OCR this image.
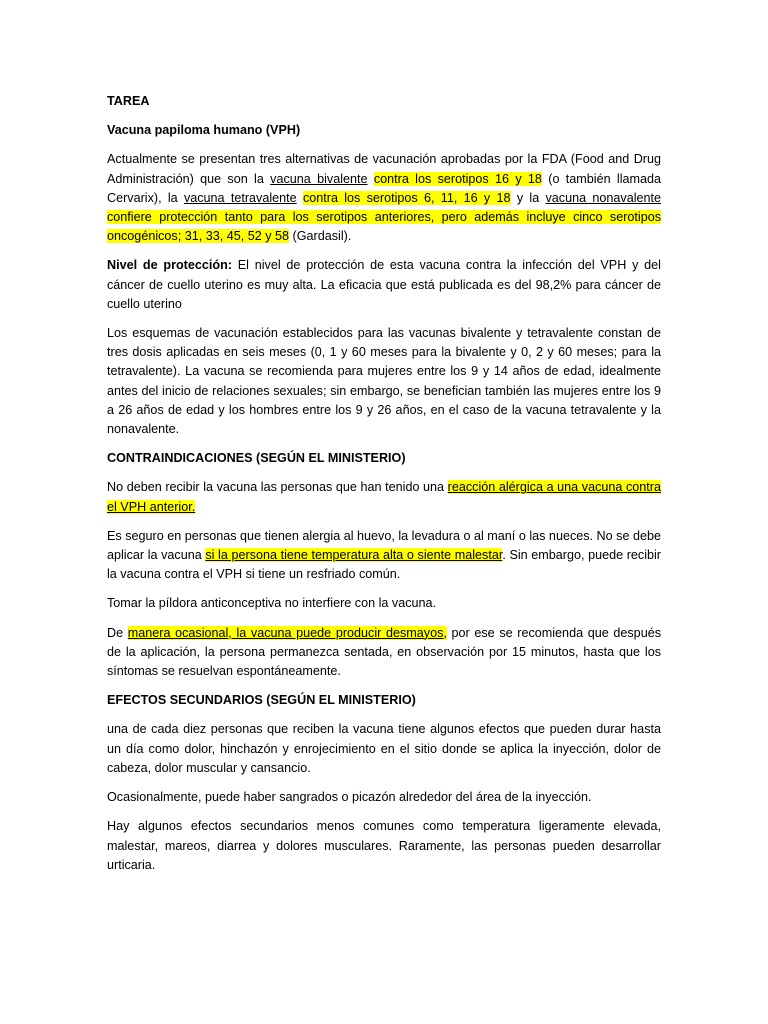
TAREA

Vacuna papiloma humano (VPH)

Actualmente se presentan tres alternativas de vacunación aprobadas por la FDA (Food and Drug Administración) que son la vacuna bivalente contra los serotipos 16 y 18 (o también llamada Cervarix), la vacuna tetravalente contra los serotipos 6, 11, 16 y 18 y la vacuna nonavalente confiere protección tanto para los serotipos anteriores, pero además incluye cinco serotipos oncogénicos; 31, 33, 45, 52 y 58 (Gardasil).

Nivel de protección: El nivel de protección de esta vacuna contra la infección del VPH y del cáncer de cuello uterino es muy alta. La eficacia que está publicada es del 98,2% para cáncer de cuello uterino

Los esquemas de vacunación establecidos para las vacunas bivalente y tetravalente constan de tres dosis aplicadas en seis meses (0, 1 y 60 meses para la bivalente y 0, 2 y 60 meses; para la tetravalente). La vacuna se recomienda para mujeres entre los 9 y 14 años de edad, idealmente antes del inicio de relaciones sexuales; sin embargo, se benefician también las mujeres entre los 9 a 26 años de edad y los hombres entre los 9 y 26 años, en el caso de la vacuna tetravalente y la nonavalente.

CONTRAINDICACIONES (SEGÚN EL MINISTERIO)

No deben recibir la vacuna las personas que han tenido una reacción alérgica a una vacuna contra el VPH anterior.

Es seguro en personas que tienen alergia al huevo, la levadura o al maní o las nueces. No se debe aplicar la vacuna si la persona tiene temperatura alta o siente malestar. Sin embargo, puede recibir la vacuna contra el VPH si tiene un resfriado común.

Tomar la píldora anticonceptiva no interfiere con la vacuna.

De manera ocasional, la vacuna puede producir desmayos, por ese se recomienda que después de la aplicación, la persona permanezca sentada, en observación por 15 minutos, hasta que los síntomas se resuelvan espontáneamente.

EFECTOS SECUNDARIOS (SEGÚN EL MINISTERIO)

una de cada diez personas que reciben la vacuna tiene algunos efectos que pueden durar hasta un día como dolor, hinchazón y enrojecimiento en el sitio donde se aplica la inyección, dolor de cabeza, dolor muscular y cansancio.

Ocasionalmente, puede haber sangrados o picazón alrededor del área de la inyección.

Hay algunos efectos secundarios menos comunes como temperatura ligeramente elevada, malestar, mareos, diarrea y dolores musculares. Raramente, las personas pueden desarrollar urticaria.
